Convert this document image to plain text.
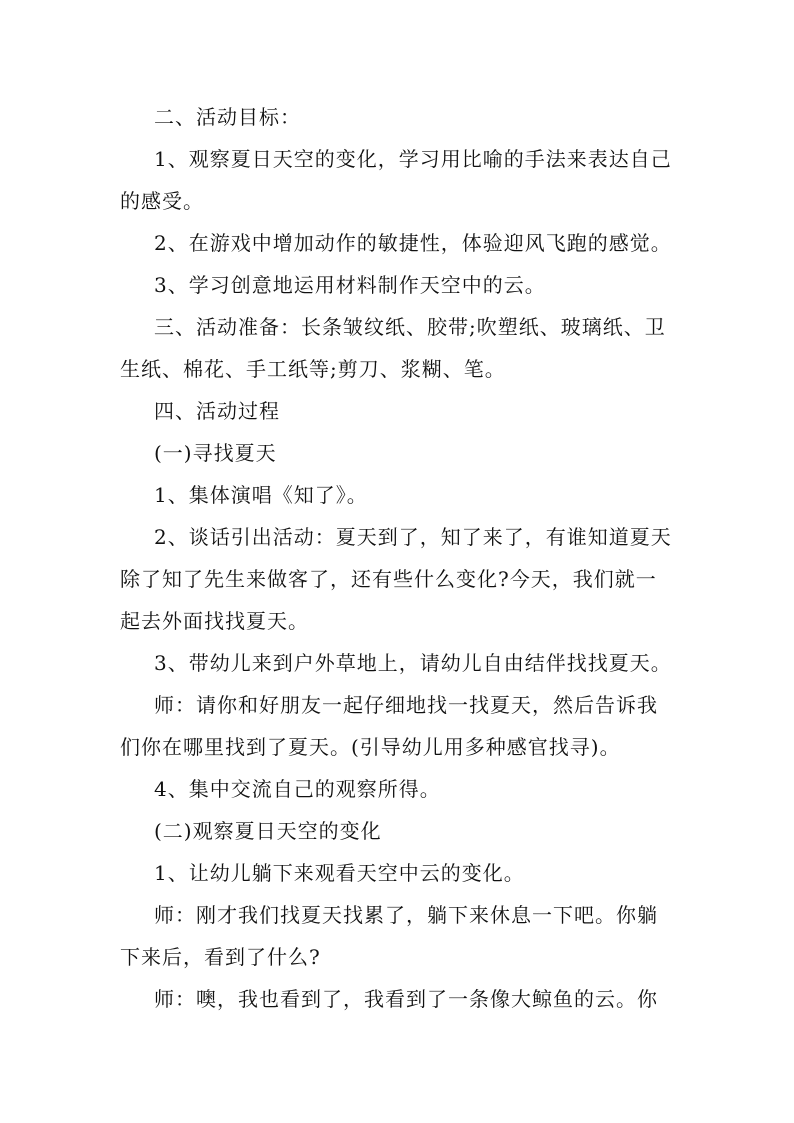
二、活动目标：
1、观察夏日天空的变化，学习用比喻的手法来表达自己
的感受。
2、在游戏中增加动作的敏捷性，体验迎风飞跑的感觉。
3、学习创意地运用材料制作天空中的云。
三、活动准备：长条皱纹纸、胶带;吹塑纸、玻璃纸、卫
生纸、棉花、手工纸等;剪刀、浆糊、笔。
四、活动过程
(一)寻找夏天
1、集体演唱《知了》。
2、谈话引出活动：夏天到了，知了来了，有谁知道夏天
除了知了先生来做客了，还有些什么变化?今天，我们就一
起去外面找找夏天。
3、带幼儿来到户外草地上，请幼儿自由结伴找找夏天。
师：请你和好朋友一起仔细地找一找夏天，然后告诉我
们你在哪里找到了夏天。(引导幼儿用多种感官找寻)。
4、集中交流自己的观察所得。
(二)观察夏日天空的变化
1、让幼儿躺下来观看天空中云的变化。
师：刚才我们找夏天找累了，躺下来休息一下吧。你躺
下来后，看到了什么?
师：噢，我也看到了，我看到了一条像大鲸鱼的云。你
